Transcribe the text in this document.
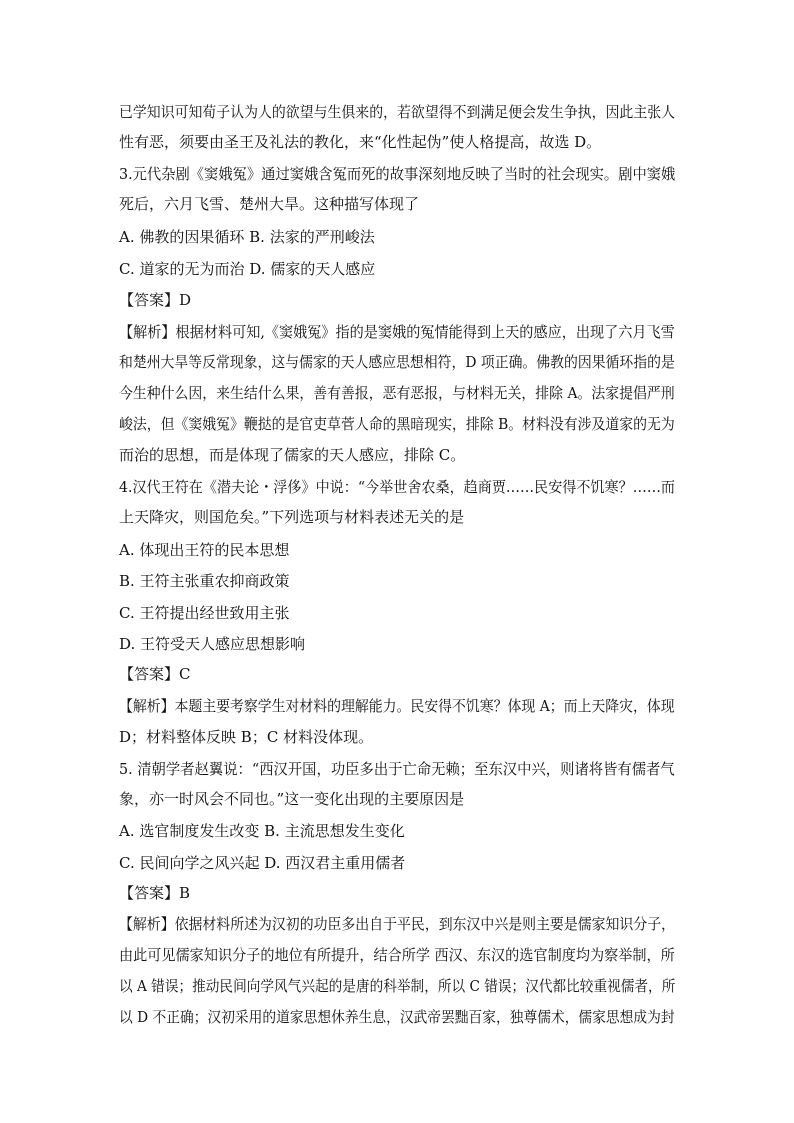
已学知识可知荀子认为人的欲望与生俱来的，若欲望得不到满足便会发生争执，因此主张人
性有恶，须要由圣王及礼法的教化，来“化性起伪”使人格提高，故选 D。
3.元代杂剧《窦娥冤》通过窦娥含冤而死的故事深刻地反映了当时的社会现实。剧中窦娥
死后，六月飞雪、楚州大旱。这种描写体现了
A. 佛教的因果循环 B. 法家的严刑峻法
C. 道家的无为而治 D. 儒家的天人感应
【答案】D
【解析】根据材料可知,《窦娥冤》指的是窦娥的冤情能得到上天的感应，出现了六月飞雪
和楚州大旱等反常现象，这与儒家的天人感应思想相符，D 项正确。佛教的因果循环指的是
今生种什么因，来生结什么果，善有善报，恶有恶报，与材料无关，排除 A。法家提倡严刑
峻法，但《窦娥冤》鞭挞的是官吏草菅人命的黑暗现实，排除 B。材料没有涉及道家的无为
而治的思想，而是体现了儒家的天人感应，排除 C。
4.汉代王符在《潜夫论・浮侈》中说：“今举世舍农桑，趋商贾……民安得不饥寒？……而
上天降灾，则国危矣。”下列选项与材料表述无关的是
A. 体现出王符的民本思想
B. 王符主张重农抑商政策
C. 王符提出经世致用主张
D. 王符受天人感应思想影响
【答案】C
【解析】本题主要考察学生对材料的理解能力。民安得不饥寒？体现 A；而上天降灾，体现
D；材料整体反映 B；C 材料没体现。
5. 清朝学者赵翼说：“西汉开国，功臣多出于亡命无赖；至东汉中兴，则诸将皆有儒者气
象，亦一时风会不同也。”这一变化出现的主要原因是
A. 选官制度发生改变 B. 主流思想发生变化
C. 民间向学之风兴起 D. 西汉君主重用儒者
【答案】B
【解析】依据材料所述为汉初的功臣多出自于平民，到东汉中兴是则主要是儒家知识分子，
由此可见儒家知识分子的地位有所提升，结合所学 西汉、东汉的选官制度均为察举制，所
以 A 错误；推动民间向学风气兴起的是唐的科举制，所以 C 错误；汉代都比较重视儒者，所
以 D 不正确；汉初采用的道家思想休养生息，汉武帝罢黜百家，独尊儒术，儒家思想成为封
